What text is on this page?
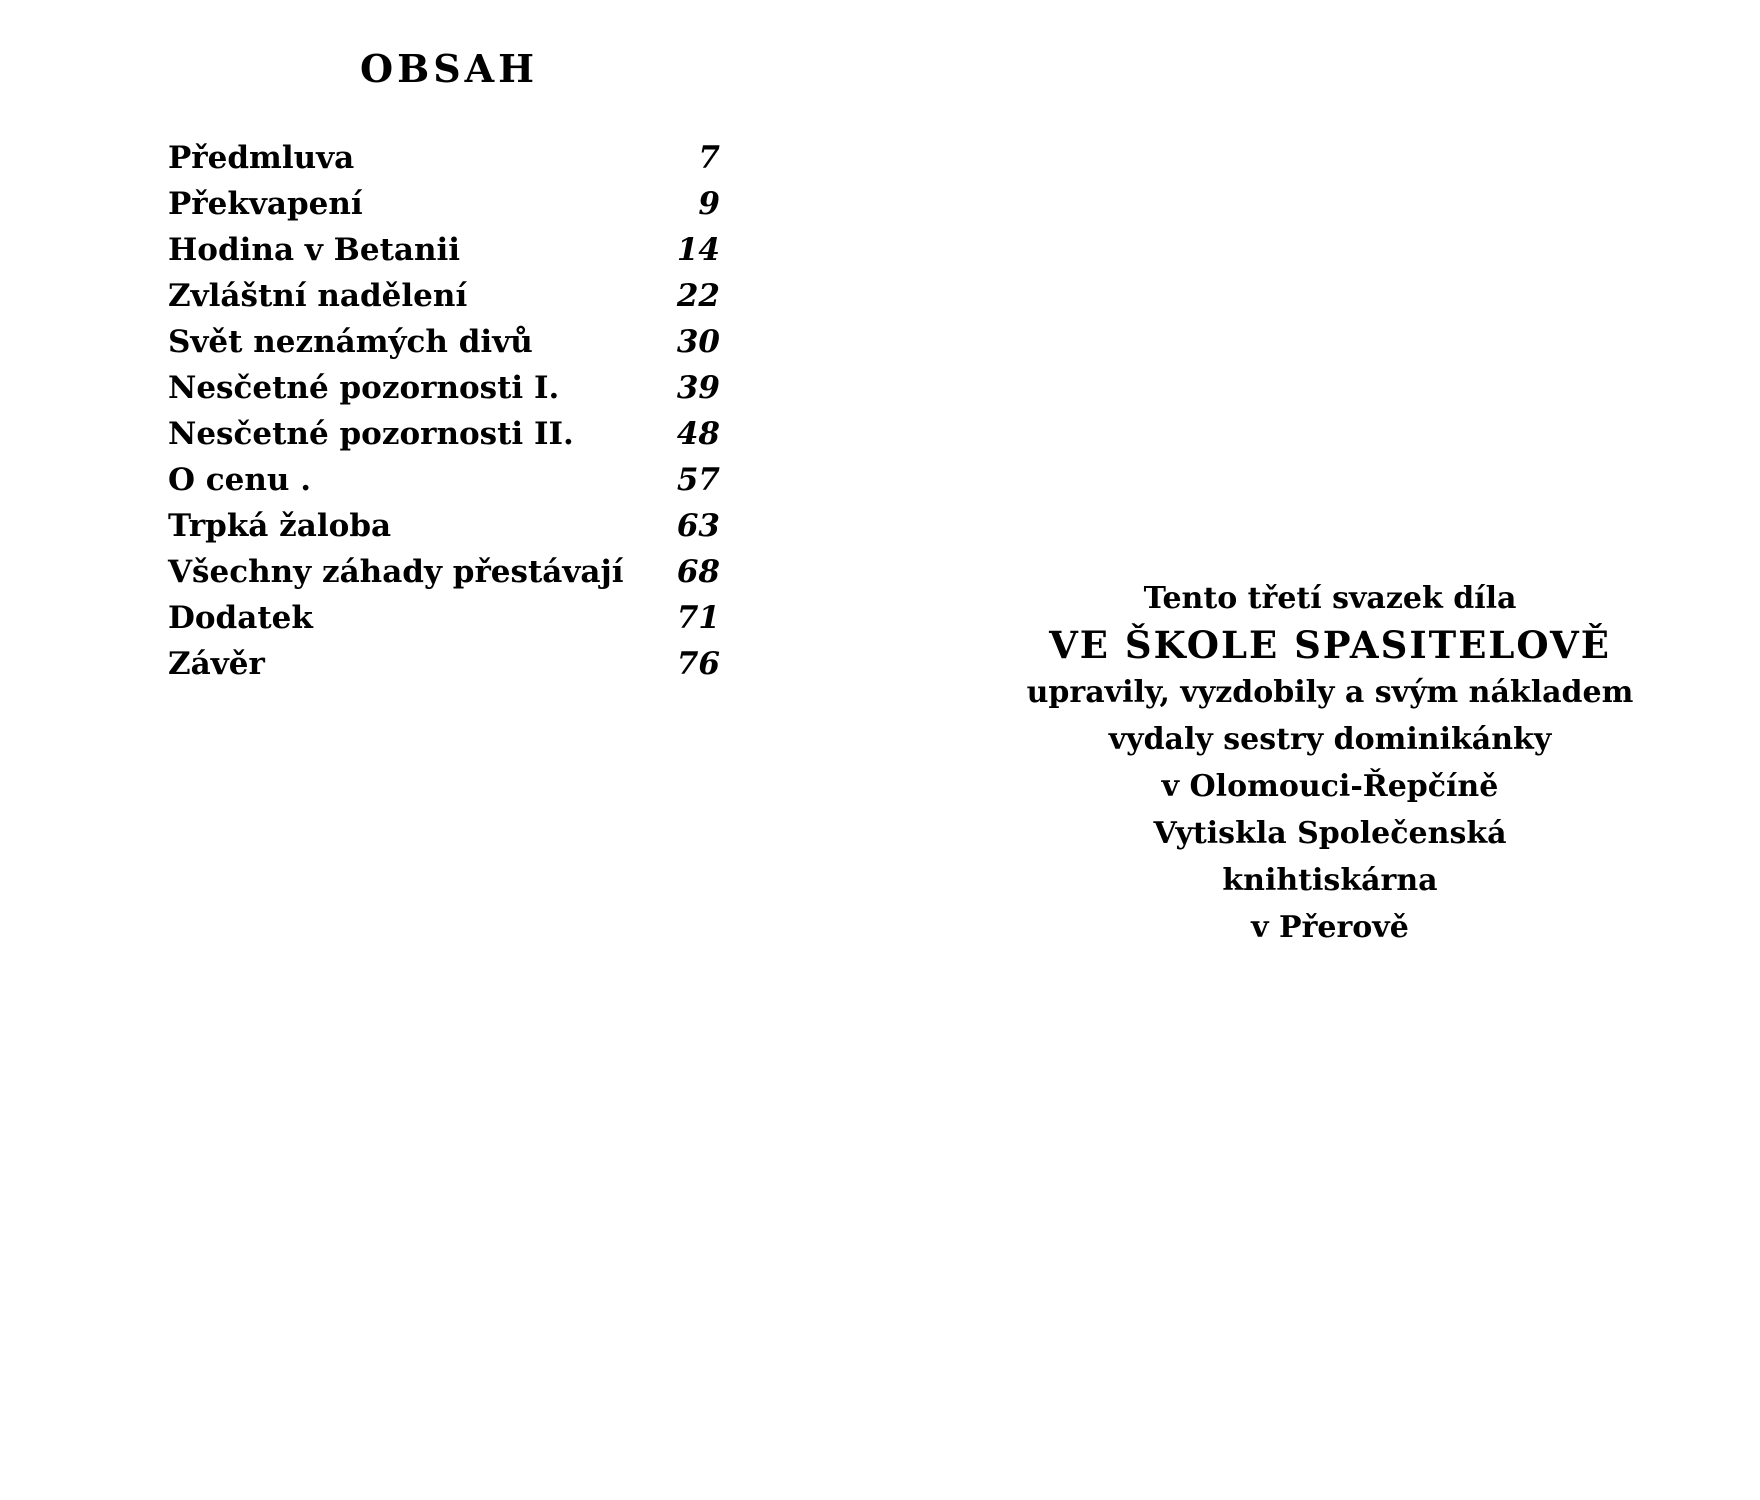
OBSAH
Předmluva	7
Překvapení	9
Hodina v Betanii	14
Zvláštní nadělení	22
Svět neznámých divů	30
Nesčetné pozornosti I.	39
Nesčetné pozornosti II.	48
O cenu .	57
Trpká žaloba	63
Všechny záhady přestávají	68
Dodatek	71
Závěr	76
Tento třetí svazek díla
VE ŠKOLE SPASITELOVĚ
upravily, vyzdobily a svým nákladem
vydaly sestry dominikánky
v Olomouci-Řepčíně
Vytiskla Společenská
knihtiskárna
v Přerově
